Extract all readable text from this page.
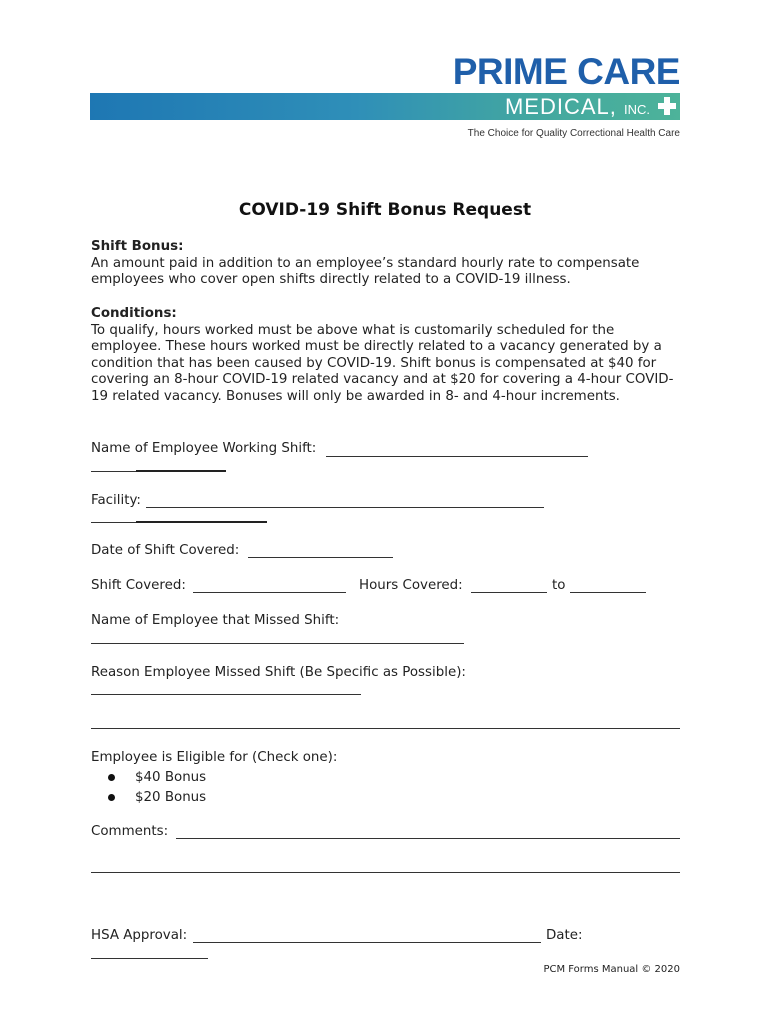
PRIME CARE
MEDICAL, INC.
The Choice for Quality Correctional Health Care
COVID-19 Shift Bonus Request
Shift Bonus:
An amount paid in addition to an employee’s standard hourly rate to compensate employees who cover open shifts directly related to a COVID-19 illness.
Conditions:
To qualify, hours worked must be above what is customarily scheduled for the employee. These hours worked must be directly related to a vacancy generated by a condition that has been caused by COVID-19. Shift bonus is compensated at $40 for covering an 8-hour COVID-19 related vacancy and at $20 for covering a 4-hour COVID-19 related vacancy. Bonuses will only be awarded in 8- and 4-hour increments.
Name of Employee Working Shift:
Facility:
Date of Shift Covered:
Shift Covered:	Hours Covered:	to
Name of Employee that Missed Shift:
Reason Employee Missed Shift (Be Specific as Possible):
Employee is Eligible for (Check one):
$40 Bonus
$20 Bonus
Comments:
HSA Approval:	Date:
PCM Forms Manual © 2020
